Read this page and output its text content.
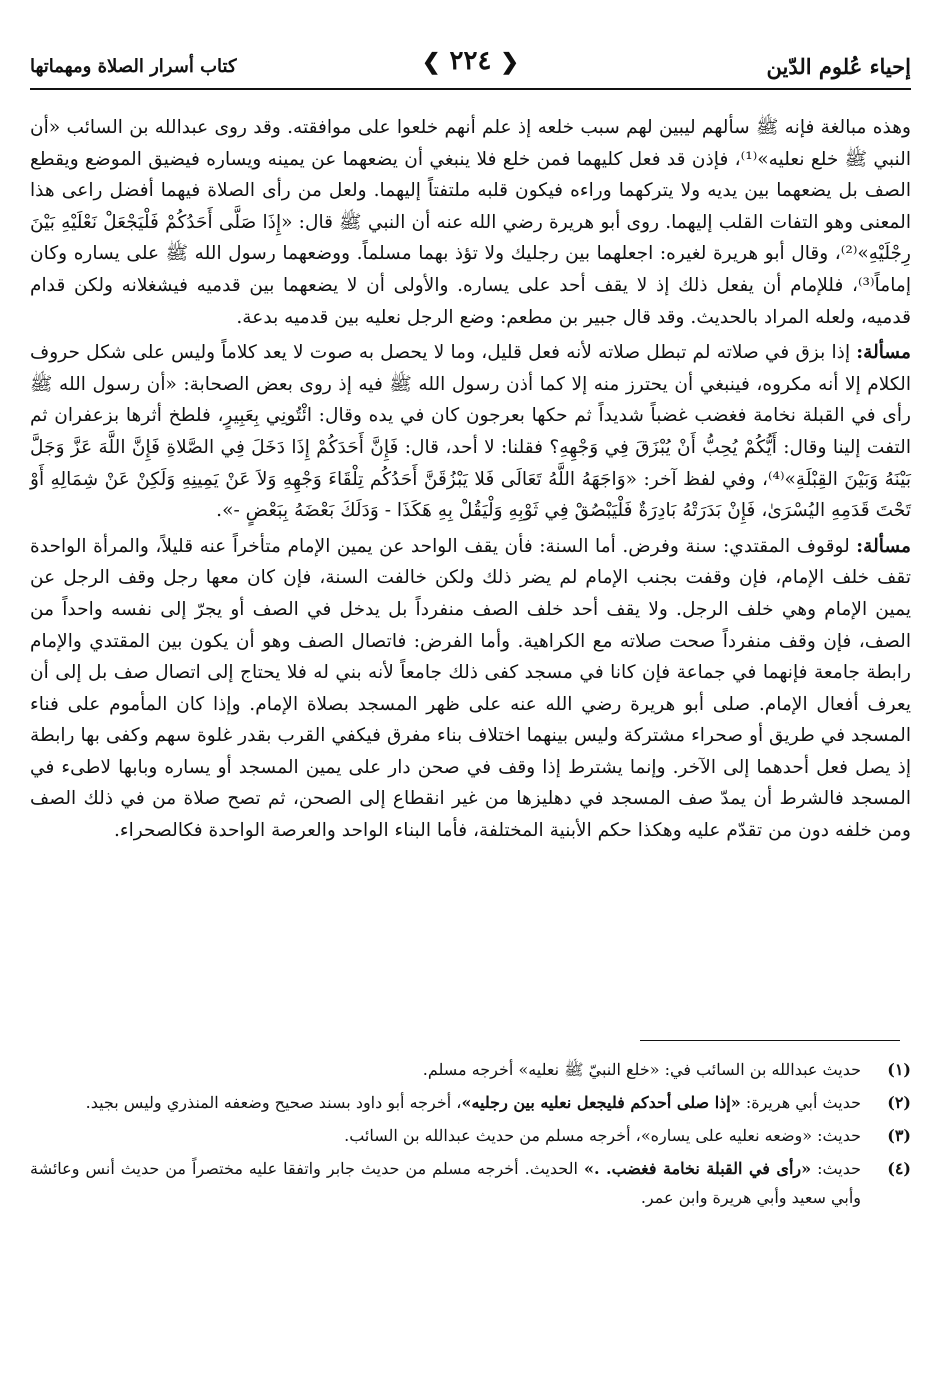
إحياء عُلوم الدّين
❮ ٢٢٤ ❯
كتاب أسرار الصلاة ومهماتها

وهذه مبالغة فإنه ﷺ سألهم ليبين لهم سبب خلعه إذ علم أنهم خلعوا على موافقته. وقد روى عبدالله بن السائب «أن النبي ﷺ خلع نعليه»⁽¹⁾، فإذن قد فعل كليهما فمن خلع فلا ينبغي أن يضعهما عن يمينه ويساره فيضيق الموضع ويقطع الصف بل يضعهما بين يديه ولا يتركهما وراءه فيكون قلبه ملتفتاً إليهما. ولعل من رأى الصلاة فيهما أفضل راعى هذا المعنى وهو التفات القلب إليهما. روى أبو هريرة رضي الله عنه أن النبي ﷺ قال: «إِذَا صَلَّى أَحَدُكُمْ فَلْيَجْعَلْ نَعْلَيْهِ بَيْنَ رِجْلَيْهِ»⁽²⁾، وقال أبو هريرة لغيره: اجعلهما بين رجليك ولا تؤذ بهما مسلماً. ووضعهما رسول الله ﷺ على يساره وكان إماماً⁽³⁾، فللإمام أن يفعل ذلك إذ لا يقف أحد على يساره. والأولى أن لا يضعهما بين قدميه فيشغلانه ولكن قدام قدميه، ولعله المراد بالحديث. وقد قال جبير بن مطعم: وضع الرجل نعليه بين قدميه بدعة.

مسألة: إذا بزق في صلاته لم تبطل صلاته لأنه فعل قليل، وما لا يحصل به صوت لا يعد كلاماً وليس على شكل حروف الكلام إلا أنه مكروه، فينبغي أن يحترز منه إلا كما أذن رسول الله ﷺ فيه إذ روى بعض الصحابة: «أن رسول الله ﷺ رأى في القبلة نخامة فغضب غضباً شديداً ثم حكها بعرجون كان في يده وقال: ائْتُونِي بِعَبِيرٍ، فلطخ أثرها بزعفران ثم التفت إلينا وقال: أَيُّكُمْ يُحِبُّ أَنْ يُبْزَقَ فِي وَجْهِهِ؟ فقلنا: لا أحد، قال: فَإِنَّ أَحَدَكُمْ إِذَا دَخَلَ فِي الصَّلاةِ فَإِنَّ اللَّهَ عَزَّ وَجَلَّ بَيْنَهُ وَبَيْنَ القِبْلَةِ»⁽⁴⁾، وفي لفظ آخر: «وَاجَهَهُ اللَّهُ تَعَالَى فَلا يَبْزُقَنَّ أَحَدُكُم تِلْقَاءَ وَجْهِهِ وَلاَ عَنْ يَمِينِهِ وَلَكِنْ عَنْ شِمَالِهِ أَوْ تَحْتَ قَدَمِهِ اليُسْرَىٰ، فَإِنْ بَدَرَتْهُ بَادِرَةٌ فَلْيَبْصُقْ فِي ثَوْبِهِ وَلْيَقُلْ بِهِ هَكَذَا - وَدَلَكَ بَعْضَهُ بِبَعْضٍ -».

مسألة: لوقوف المقتدي: سنة وفرض. أما السنة: فأن يقف الواحد عن يمين الإمام متأخراً عنه قليلاً، والمرأة الواحدة تقف خلف الإمام، فإن وقفت بجنب الإمام لم يضر ذلك ولكن خالفت السنة، فإن كان معها رجل وقف الرجل عن يمين الإمام وهي خلف الرجل. ولا يقف أحد خلف الصف منفرداً بل يدخل في الصف أو يجرّ إلى نفسه واحداً من الصف، فإن وقف منفرداً صحت صلاته مع الكراهية. وأما الفرض: فاتصال الصف وهو أن يكون بين المقتدي والإمام رابطة جامعة فإنهما في جماعة فإن كانا في مسجد كفى ذلك جامعاً لأنه بني له فلا يحتاج إلى اتصال صف بل إلى أن يعرف أفعال الإمام. صلى أبو هريرة رضي الله عنه على ظهر المسجد بصلاة الإمام. وإذا كان المأموم على فناء المسجد في طريق أو صحراء مشتركة وليس بينهما اختلاف بناء مفرق فيكفي القرب بقدر غلوة سهم وكفى بها رابطة إذ يصل فعل أحدهما إلى الآخر. وإنما يشترط إذا وقف في صحن دار على يمين المسجد أو يساره وبابها لاطىء في المسجد فالشرط أن يمدّ صف المسجد في دهليزها من غير انقطاع إلى الصحن، ثم تصح صلاة من في ذلك الصف ومن خلفه دون من تقدّم عليه وهكذا حكم الأبنية المختلفة، فأما البناء الواحد والعرصة الواحدة فكالصحراء.

(١)
حديث عبدالله بن السائب في: «خلع النبيّ ﷺ نعليه» أخرجه مسلم.
(٢)
حديث أبي هريرة: «إذا صلى أحدكم فليجعل نعليه بين رجليه»، أخرجه أبو داود بسند صحيح وضعفه المنذري وليس بجيد.
(٣)
حديث: «وضعه نعليه على يساره»، أخرجه مسلم من حديث عبدالله بن السائب.
(٤)
حديث: «رأى في القبلة نخامة فغضب. .» الحديث. أخرجه مسلم من حديث جابر واتفقا عليه مختصراً من حديث أنس وعائشة وأبي سعيد وأبي هريرة وابن عمر.
